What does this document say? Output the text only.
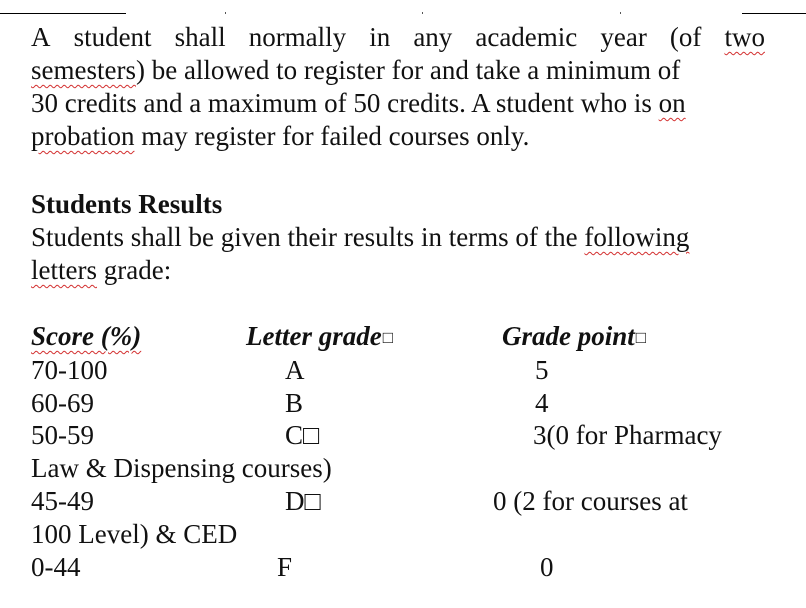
A student shall normally in any academic year (of two
semesters) be allowed to register for and take a minimum of
30 credits and a maximum of 50 credits. A student who is on
probation may register for failed courses only.
Students Results
Students shall be given their results in terms of the following
letters grade:
Score (%)	Letter grade□	Grade point□
70-100	A	5
60-69	B	4
50-59	C□	3(0 for Pharmacy
Law & Dispensing courses)
45-49	D□	0 (2 for courses at
100 Level) & CED
0-44	F	0
